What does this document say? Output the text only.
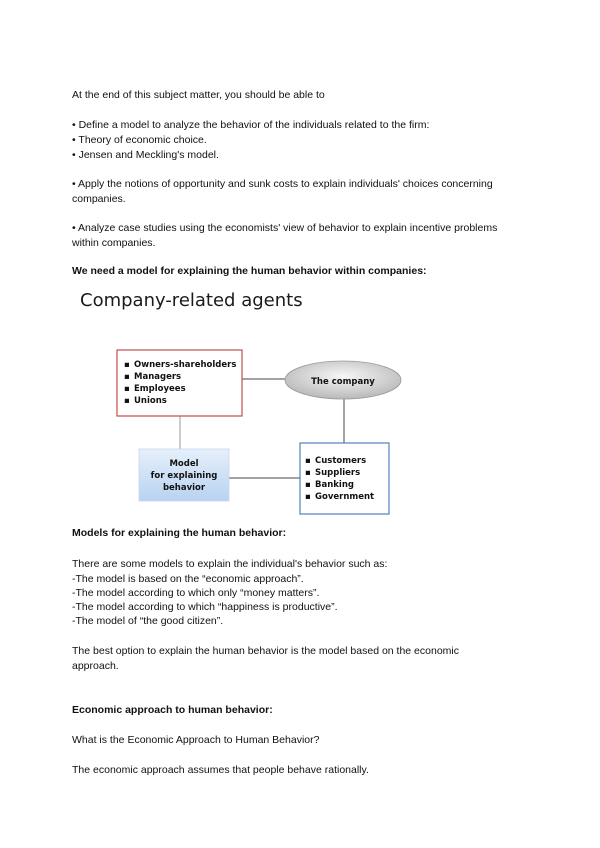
At the end of this subject matter, you should be able to
• Define a model to analyze the behavior of the individuals related to the firm:
• Theory of economic choice.
• Jensen and Meckling's model.
• Apply the notions of opportunity and sunk costs to explain individuals' choices concerning
companies.
• Analyze case studies using the economists' view of behavior to explain incentive problems
within companies.
We need a model for explaining the human behavior within companies:
Company-related agents
▪ Owners-shareholders
▪ Managers
▪ Employees
▪ Unions
The company
Model
for explaining
behavior
▪ Customers
▪ Suppliers
▪ Banking
▪ Government
Models for explaining the human behavior:
There are some models to explain the individual's behavior such as:
-The model is based on the “economic approach”.
-The model according to which only “money matters”.
-The model according to which “happiness is productive”.
-The model of “the good citizen”.
The best option to explain the human behavior is the model based on the economic
approach.
Economic approach to human behavior:
What is the Economic Approach to Human Behavior?
The economic approach assumes that people behave rationally.
